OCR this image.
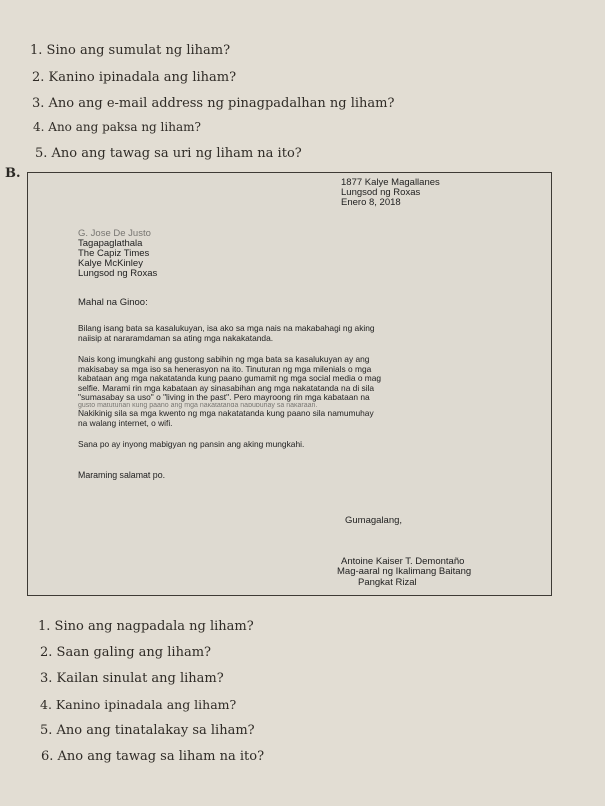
1. Sino ang sumulat ng liham?
2. Kanino ipinadala ang liham?
3. Ano ang e-mail address ng pinagpadalhan ng liham?
4. Ano ang paksa ng liham?
5. Ano ang tawag sa uri ng liham na ito?
B.
1877 Kalye Magallanes
Lungsod ng Roxas
Enero 8, 2018
G. Jose De Justo
Tagapaglathala
The Capiz Times
Kalye McKinley
Lungsod ng Roxas
Mahal na Ginoo:
Bilang isang bata sa kasalukuyan, isa ako sa mga nais na makabahagi ng aking
naiisip at nararamdaman sa ating mga nakakatanda.
Nais kong imungkahi ang gustong sabihin ng mga bata sa kasalukuyan ay ang
makisabay sa mga iso sa henerasyon na ito. Tinuturan ng mga milenials o mga
kabataan ang mga nakatatanda kung paano gumamit ng mga social media o mag
selfie. Marami rin mga kabataan ay sinasabihan ang mga nakatatanda na di sila
"sumasabay sa uso" o "living in the past". Pero mayroong rin mga kabataan na
gusto matutunan kung paano ang mga nakatatanda nabubuhay sa nakaraan.
Nakikinig sila sa mga kwento ng mga nakatatanda kung paano sila namumuhay
na walang internet, o wifi.
Sana po ay inyong mabigyan ng pansin ang aking mungkahi.
Maraming salamat po.
Gumagalang,
Antoine Kaiser T. Demontaño
Mag-aaral ng Ikalimang Baitang
Pangkat Rizal
1. Sino ang nagpadala ng liham?
2. Saan galing ang liham?
3. Kailan sinulat ang liham?
4. Kanino ipinadala ang liham?
5. Ano ang tinatalakay sa liham?
6. Ano ang tawag sa liham na ito?
